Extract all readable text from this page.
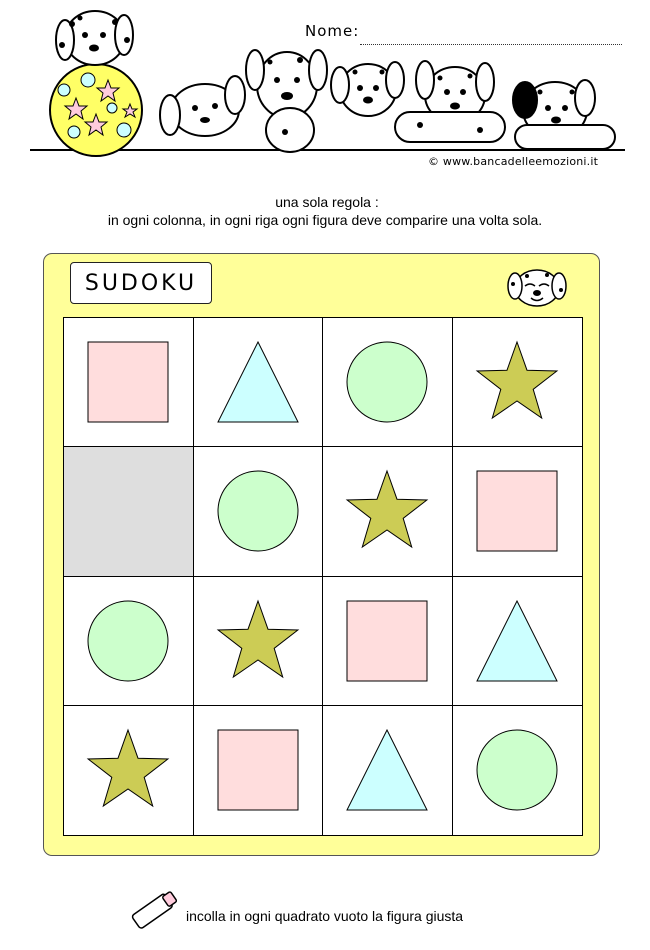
Nome:
© www.bancadelleemozioni.it
una sola regola :
in ogni colonna, in ogni riga ogni figura deve comparire una volta sola.
SUDOKU
incolla in ogni quadrato vuoto la figura giusta
